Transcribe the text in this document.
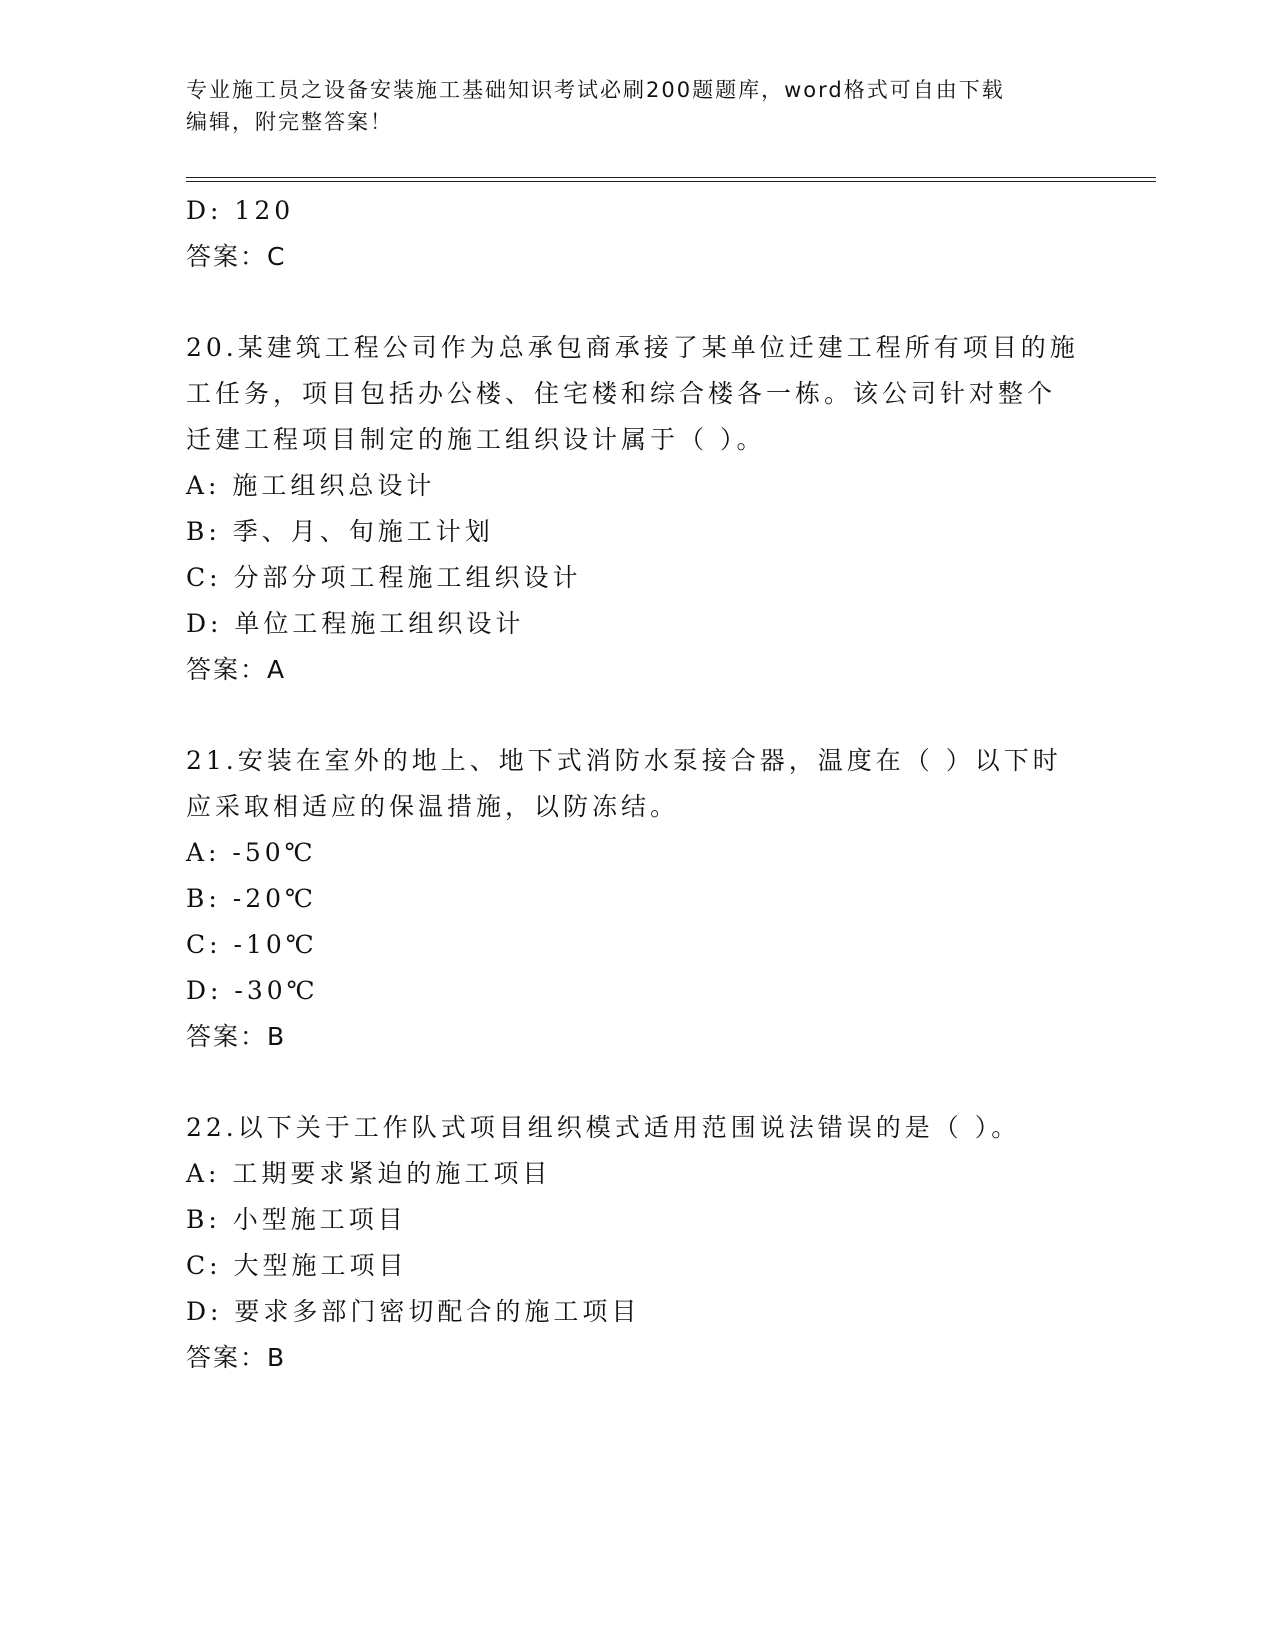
专业施工员之设备安装施工基础知识考试必刷200题题库，word格式可自由下载
编辑，附完整答案！
D: 120
答案：C
20.某建筑工程公司作为总承包商承接了某单位迁建工程所有项目的施
工任务，项目包括办公楼、住宅楼和综合楼各一栋。该公司针对整个
迁建工程项目制定的施工组织设计属于（ ）。
A: 施工组织总设计
B: 季、月、旬施工计划
C: 分部分项工程施工组织设计
D: 单位工程施工组织设计
答案：A
21.安装在室外的地上、地下式消防水泵接合器，温度在（ ）以下时
应采取相适应的保温措施，以防冻结。
A: -50℃
B: -20℃
C: -10℃
D: -30℃
答案：B
22.以下关于工作队式项目组织模式适用范围说法错误的是（ ）。
A: 工期要求紧迫的施工项目
B: 小型施工项目
C: 大型施工项目
D: 要求多部门密切配合的施工项目
答案：B
